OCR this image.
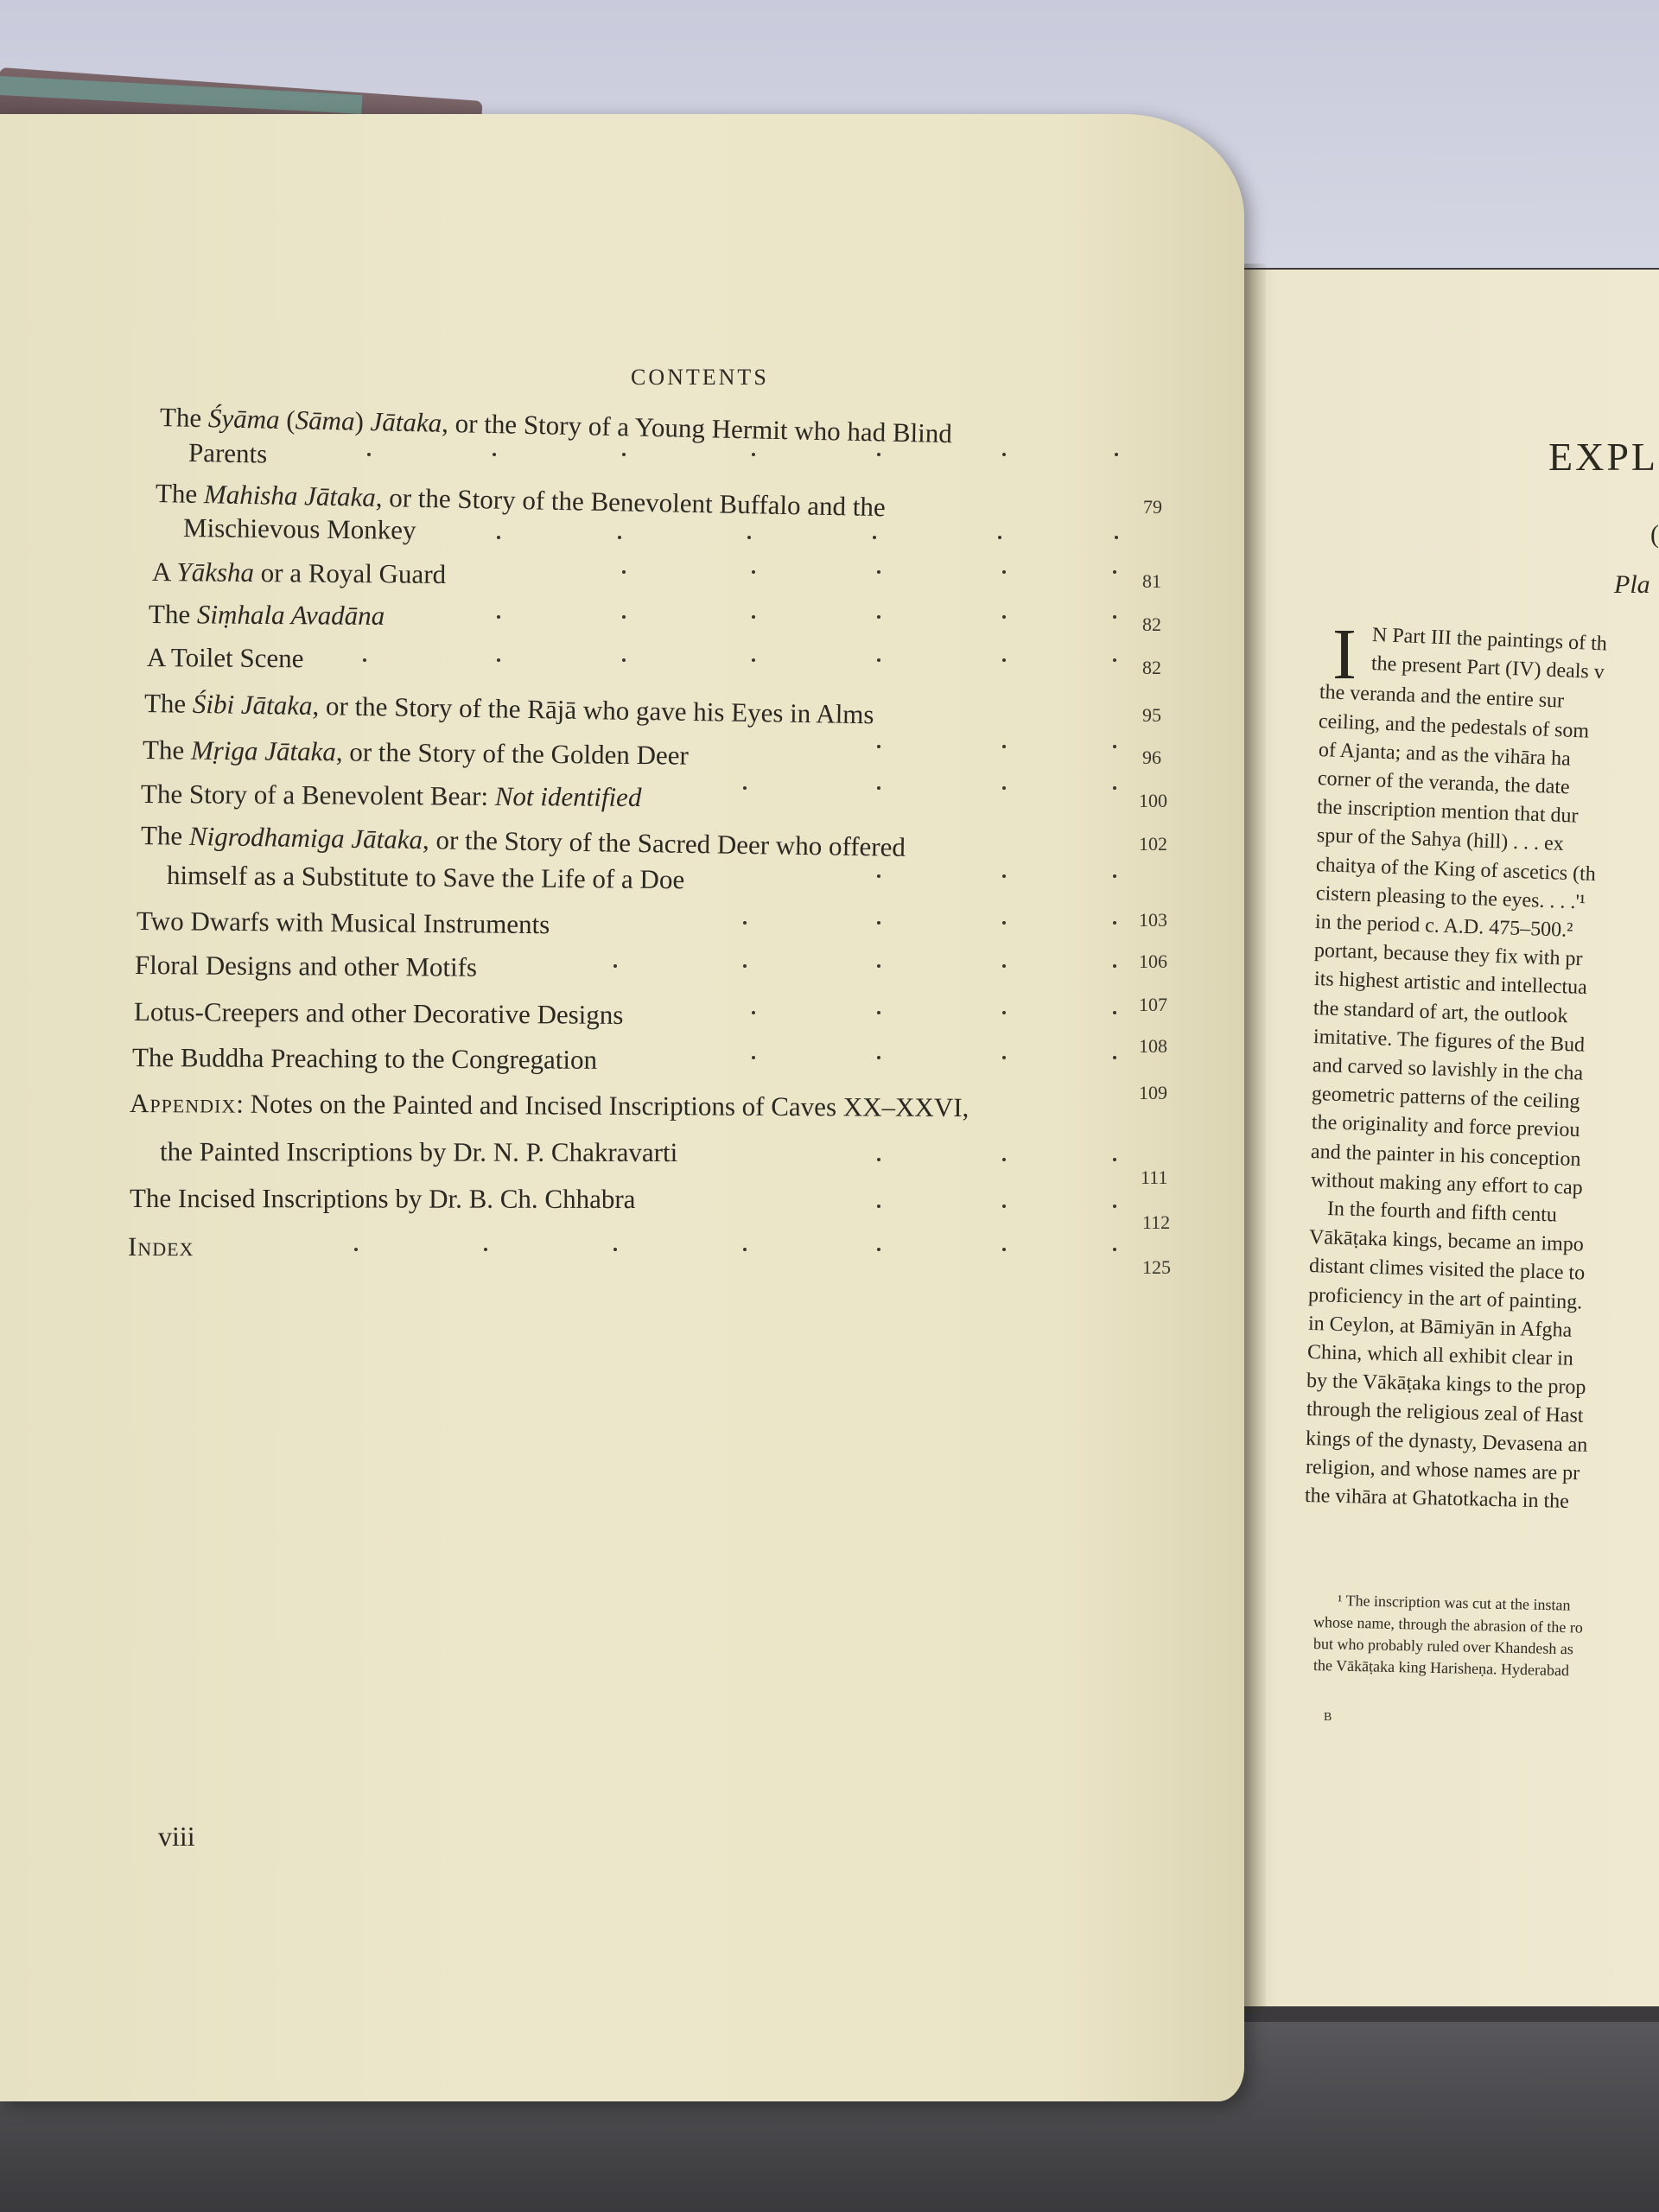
EXPL
(
Pla
I N Part III the paintings of th
the present Part (IV) deals v
the veranda and the entire sur
ceiling, and the pedestals of som
of Ajanta; and as the vihāra ha
corner of the veranda, the date
the inscription mention that dur
spur of the Sahya (hill) . . . ex
chaitya of the King of ascetics (th
cistern pleasing to the eyes. . . .'¹
in the period c. A.D. 475–500.²
portant, because they fix with pr
its highest artistic and intellectua
the standard of art, the outlook
imitative. The figures of the Bud
and carved so lavishly in the cha
geometric patterns of the ceiling
the originality and force previou
and the painter in his conception
without making any effort to cap
In the fourth and fifth centu
Vākāṭaka kings, became an impo
distant climes visited the place to
proficiency in the art of painting.
in Ceylon, at Bāmiyān in Afgha
China, which all exhibit clear in
by the Vākāṭaka kings to the prop
through the religious zeal of Hast
kings of the dynasty, Devasena an
religion, and whose names are pr
the vihāra at Ghatotkacha in the
¹ The inscription was cut at the instan
whose name, through the abrasion of the ro
but who probably ruled over Khandesh as
the Vākāṭaka king Harisheṇa. Hyderabad
B
CONTENTS
The Śyāma (Sāma) Jātaka, or the Story of a Young Hermit who had Blind
Parents
The Mahisha Jātaka, or the Story of the Benevolent Buffalo and the
Mischievous Monkey
A Yāksha or a Royal Guard
The Siṃhala Avadāna
A Toilet Scene
The Śibi Jātaka, or the Story of the Rājā who gave his Eyes in Alms
The Mṛiga Jātaka, or the Story of the Golden Deer
The Story of a Benevolent Bear: Not identified
The Nigrodhamiga Jātaka, or the Story of the Sacred Deer who offered
himself as a Substitute to Save the Life of a Doe
Two Dwarfs with Musical Instruments
Floral Designs and other Motifs
Lotus-Creepers and other Decorative Designs
The Buddha Preaching to the Congregation
Appendix: Notes on the Painted and Incised Inscriptions of Caves XX–XXVI,
the Painted Inscriptions by Dr. N. P. Chakravarti
The Incised Inscriptions by Dr. B. Ch. Chhabra
Index
79
81
82
82
95
96
100
102
103
106
107
108
109
111
112
125
viii
